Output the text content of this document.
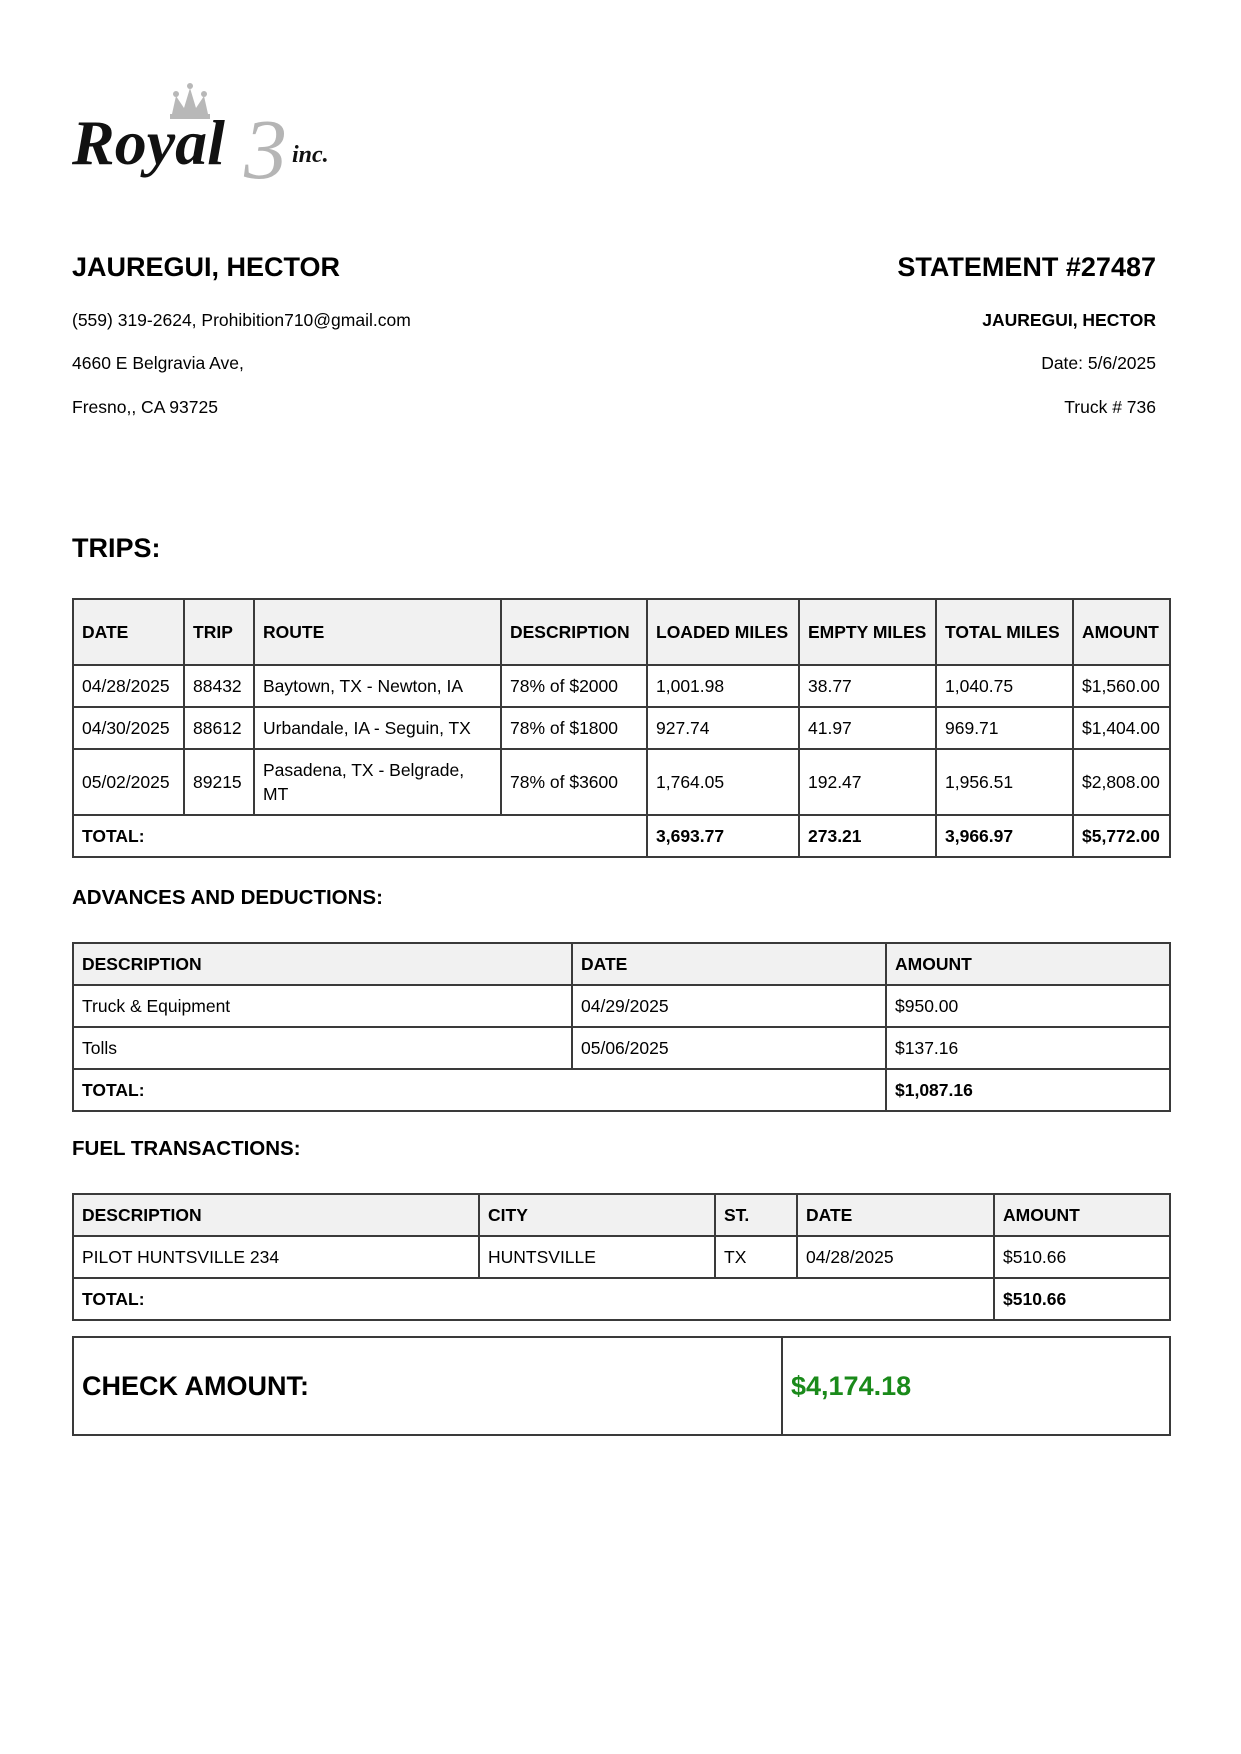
Royal 3 inc.
JAUREGUI, HECTOR
(559) 319-2624, Prohibition710@gmail.com
4660 E Belgravia Ave,
Fresno,, CA 93725
STATEMENT #27487
JAUREGUI, HECTOR
Date: 5/6/2025
Truck # 736
TRIPS:
DATE	TRIP	ROUTE	DESCRIPTION	LOADED MILES	EMPTY MILES	TOTAL MILES	AMOUNT
04/28/2025	88432	Baytown, TX - Newton, IA	78% of $2000	1,001.98	38.77	1,040.75	$1,560.00
04/30/2025	88612	Urbandale, IA - Seguin, TX	78% of $1800	927.74	41.97	969.71	$1,404.00
05/02/2025	89215	Pasadena, TX - Belgrade, MT	78% of $3600	1,764.05	192.47	1,956.51	$2,808.00
TOTAL:				3,693.77	273.21	3,966.97	$5,772.00
ADVANCES AND DEDUCTIONS:
DESCRIPTION	DATE	AMOUNT
Truck & Equipment	04/29/2025	$950.00
Tolls	05/06/2025	$137.16
TOTAL:		$1,087.16
FUEL TRANSACTIONS:
DESCRIPTION	CITY	ST.	DATE	AMOUNT
PILOT HUNTSVILLE 234	HUNTSVILLE	TX	04/28/2025	$510.66
TOTAL:				$510.66
CHECK AMOUNT:	$4,174.18
